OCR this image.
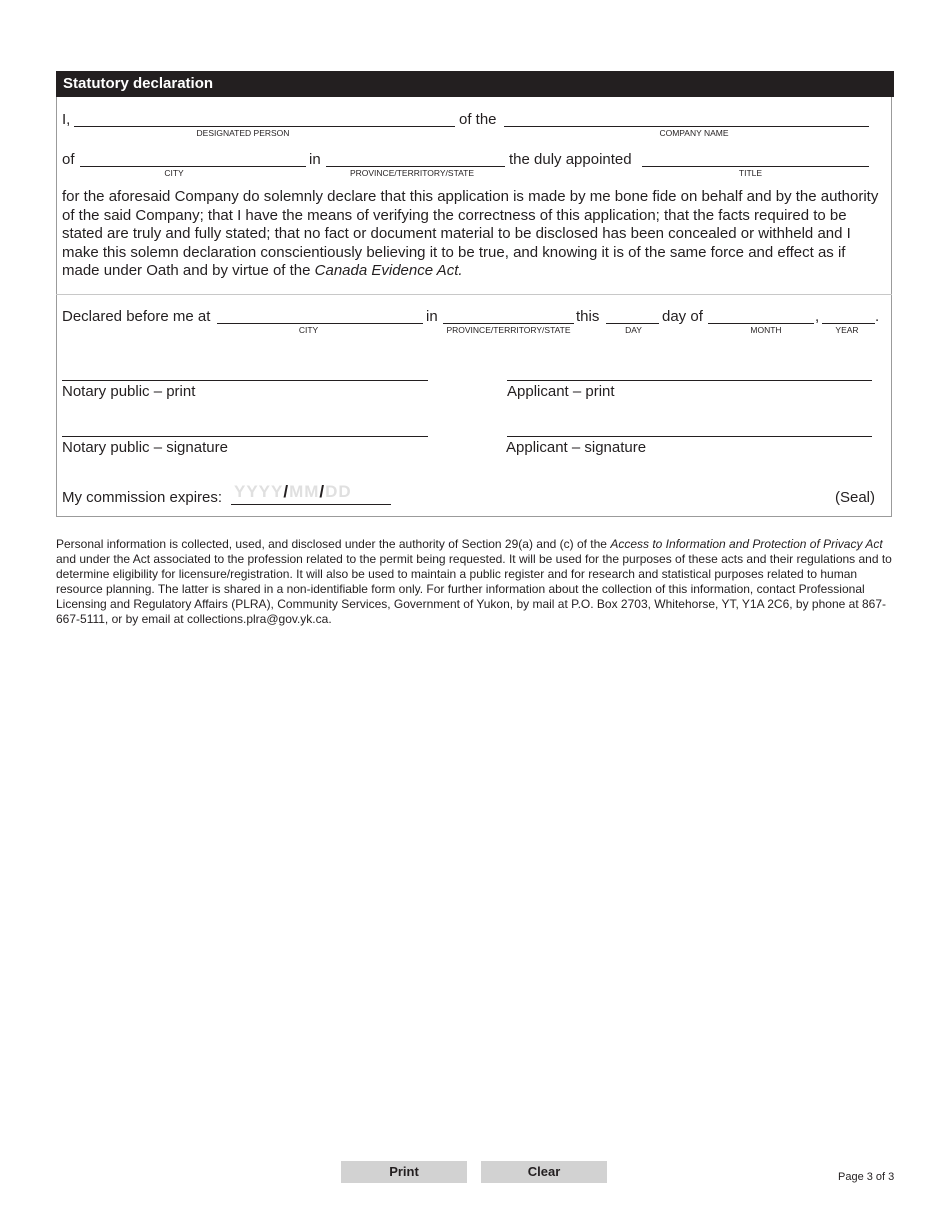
Statutory declaration
I,
DESIGNATED PERSON
of the
COMPANY NAME
of
CITY
in
PROVINCE/TERRITORY/STATE
the duly appointed
TITLE
for the aforesaid Company do solemnly declare that this application is made by me bone fide on behalf and by the authority of the said Company; that I have the means of verifying the correctness of this application; that the facts required to be stated are truly and fully stated; that no fact or document material to be disclosed has been concealed or withheld and I make this solemn declaration conscientiously believing it to be true, and knowing it is of the same force and effect as if made under Oath and by virtue of the Canada Evidence Act.
Declared before me at
CITY
in
PROVINCE/TERRITORY/STATE
this
DAY
day of
MONTH
,
YEAR
.
Notary public – print	Applicant – print
Notary public – signature	Applicant – signature
My commission expires: YYYY/MM/DD	(Seal)
Personal information is collected, used, and disclosed under the authority of Section 29(a) and (c) of the Access to Information and Protection of Privacy Act and under the Act associated to the profession related to the permit being requested. It will be used for the purposes of these acts and their regulations and to determine eligibility for licensure/registration. It will also be used to maintain a public register and for research and statistical purposes related to human resource planning. The latter is shared in a non-identifiable form only. For further information about the collection of this information, contact Professional Licensing and Regulatory Affairs (PLRA), Community Services, Government of Yukon, by mail at P.O. Box 2703, Whitehorse, YT, Y1A 2C6, by phone at 867-667-5111, or by email at collections.plra@gov.yk.ca.
Print	Clear	Page 3 of 3
